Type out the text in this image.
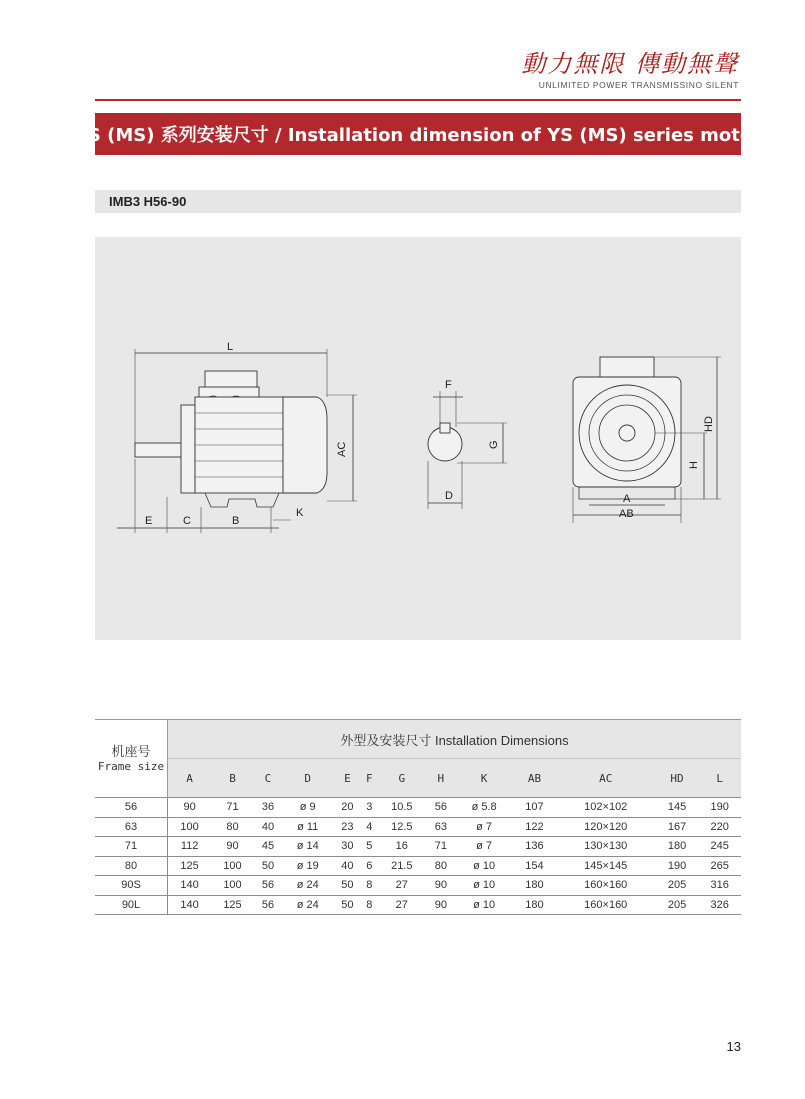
動力無限 傳動無聲
UNLIMITED POWER TRANSMISSINO SILENT
YS (MS) 系列安装尺寸 / Installation dimension of YS (MS) series motor
IMB3 H56-90
L
AC
E	C	B
K
F
G
D	A
AB
H
HD
机座号
Frame size	外型及安装尺寸 Installation Dimensions												
	A	B	C	D	E	F	G	H	K	AB	AC	HD	L
56	90	71	36	ø 9	20	3	10.5	56	ø 5.8	107	102×102	145	190
63	100	80	40	ø 11	23	4	12.5	63	ø 7	122	120×120	167	220
71	112	90	45	ø 14	30	5	16	71	ø 7	136	130×130	180	245
80	125	100	50	ø 19	40	6	21.5	80	ø 10	154	145×145	190	265
90S	140	100	56	ø 24	50	8	27	90	ø 10	180	160×160	205	316
90L	140	125	56	ø 24	50	8	27	90	ø 10	180	160×160	205	326
13
